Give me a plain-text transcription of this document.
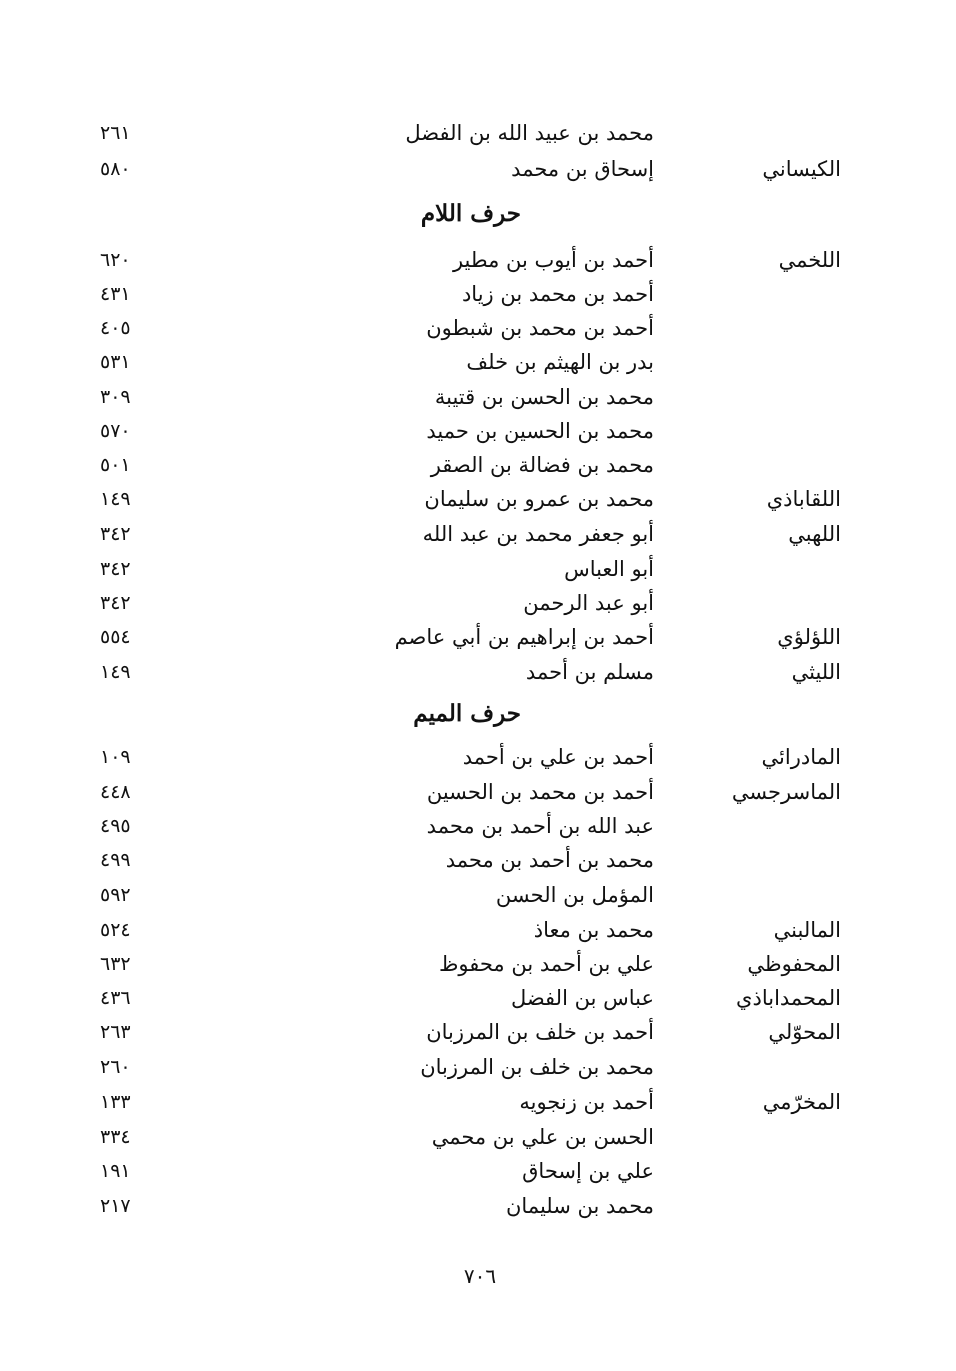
محمد بن عبيد الله بن الفضل
٢٦١
الكيساني
إسحاق بن محمد
٥٨٠
حرف اللام
اللخمي
أحمد بن أيوب بن مطير
٦٢٠
أحمد بن محمد بن زياد
٤٣١
أحمد بن محمد بن شبطون
٤٠٥
بدر بن الهيثم بن خلف
٥٣١
محمد بن الحسن بن قتيبة
٣٠٩
محمد بن الحسين بن حميد
٥٧٠
محمد بن فضالة بن الصقر
٥٠١
اللقاباذي
محمد بن عمرو بن سليمان
١٤٩
اللهبي
أبو جعفر محمد بن عبد الله
٣٤٢
أبو العباس
٣٤٢
أبو عبد الرحمن
٣٤٢
اللؤلؤي
أحمد بن إبراهيم بن أبي عاصم
٥٥٤
الليثي
مسلم بن أحمد
١٤٩
حرف الميم
المادرائي
أحمد بن علي بن أحمد
١٠٩
الماسرجسي
أحمد بن محمد بن الحسين
٤٤٨
عبد الله بن أحمد بن محمد
٤٩٥
محمد بن أحمد بن محمد
٤٩٩
المؤمل بن الحسن
٥٩٢
المالبني
محمد بن معاذ
٥٢٤
المحفوظي
علي بن أحمد بن محفوظ
٦٣٢
المحمداباذي
عباس بن الفضل
٤٣٦
المحوّلي
أحمد بن خلف بن المرزبان
٢٦٣
محمد بن خلف بن المرزبان
٢٦٠
المخرّمي
أحمد بن زنجويه
١٣٣
الحسن بن علي بن محمي
٣٣٤
علي بن إسحاق
١٩١
محمد بن سليمان
٢١٧
٧٠٦
